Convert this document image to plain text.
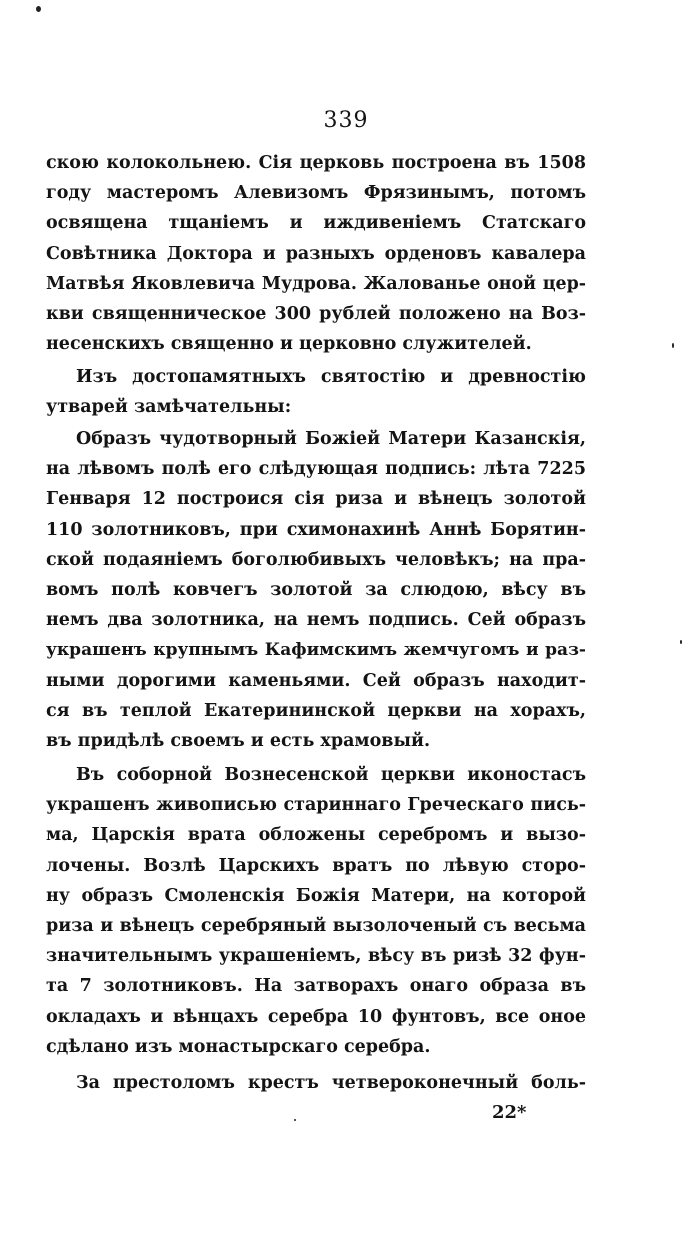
339
скою колокольнею. Сія церковь построена въ 1508
году мастеромъ Алевизомъ Фрязинымъ, потомъ
освящена тщаніемъ и иждивеніемъ Статскаго
Совѣтника Доктора и разныхъ орденовъ кавалера
Матвѣя Яковлевича Мудрова. Жалованье оной цер-
кви священническое 300 рублей положено на Воз-
несенскихъ священно и церковно служителей.
Изъ достопамятныхъ святостію и древностію
утварей замѣчательны:
Образъ чудотворный Божіей Матери Казанскія,
на лѣвомъ полѣ его слѣдующая подпись: лѣта 7225
Генваря 12 построися сія риза и вѣнецъ золотой
110 золотниковъ, при схимонахинѣ Аннѣ Борятин-
ской подаяніемъ боголюбивыхъ человѣкъ; на пра-
вомъ полѣ ковчегъ золотой за слюдою, вѣсу въ
немъ два золотника, на немъ подпись. Сей образъ
украшенъ крупнымъ Кафимскимъ жемчугомъ и раз-
ными дорогими каменьями. Сей образъ находит-
ся въ теплой Екатерининской церкви на хорахъ,
въ придѣлѣ своемъ и есть храмовый.
Въ соборной Вознесенской церкви иконостасъ
украшенъ живописью стариннаго Греческаго пись-
ма, Царскія врата обложены серебромъ и вызо-
лочены. Возлѣ Царскихъ вратъ по лѣвую сторо-
ну образъ Смоленскія Божія Матери, на которой
риза и вѣнецъ серебряный вызолоченый съ весьма
значительнымъ украшеніемъ, вѣсу въ ризѣ 32 фун-
та 7 золотниковъ. На затворахъ онаго образа въ
окладахъ и вѣнцахъ серебра 10 фунтовъ, все оное
сдѣлано изъ монастырскаго серебра.
За престоломъ крестъ четвероконечный боль-
22*
